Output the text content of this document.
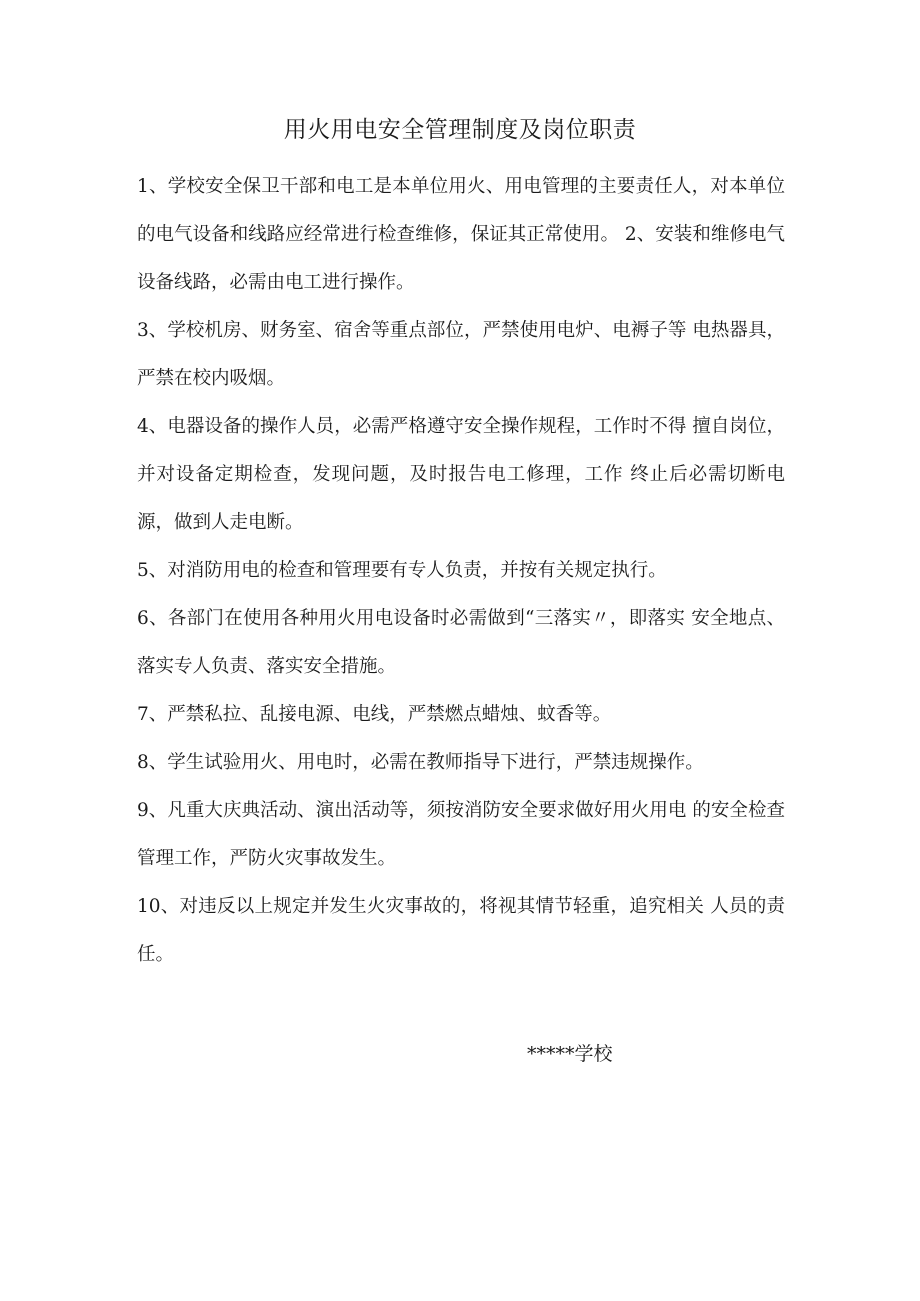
用火用电安全管理制度及岗位职责

1、学校安全保卫干部和电工是本单位用火、用电管理的主要责任人，对本单位的电气设备和线路应经常进行检查维修，保证其正常使用。 2、安装和维修电气设备线路，必需由电工进行操作。

3、学校机房、财务室、宿舍等重点部位，严禁使用电炉、电褥子等 电热器具，严禁在校内吸烟。

4、电器设备的操作人员，必需严格遵守安全操作规程，工作时不得 擅自岗位，并对设备定期检查，发现问题，及时报告电工修理，工作 终止后必需切断电源，做到人走电断。

5、对消防用电的检查和管理要有专人负责，并按有关规定执行。

6、各部门在使用各种用火用电设备时必需做到“三落实〃，即落实 安全地点、落实专人负责、落实安全措施。

7、严禁私拉、乱接电源、电线，严禁燃点蜡烛、蚊香等。

8、学生试验用火、用电时，必需在教师指导下进行，严禁违规操作。

9、凡重大庆典活动、演出活动等，须按消防安全要求做好用火用电 的安全检查管理工作，严防火灾事故发生。

10、对违反以上规定并发生火灾事故的，将视其情节轻重，追究相关 人员的责任。

*****学校
